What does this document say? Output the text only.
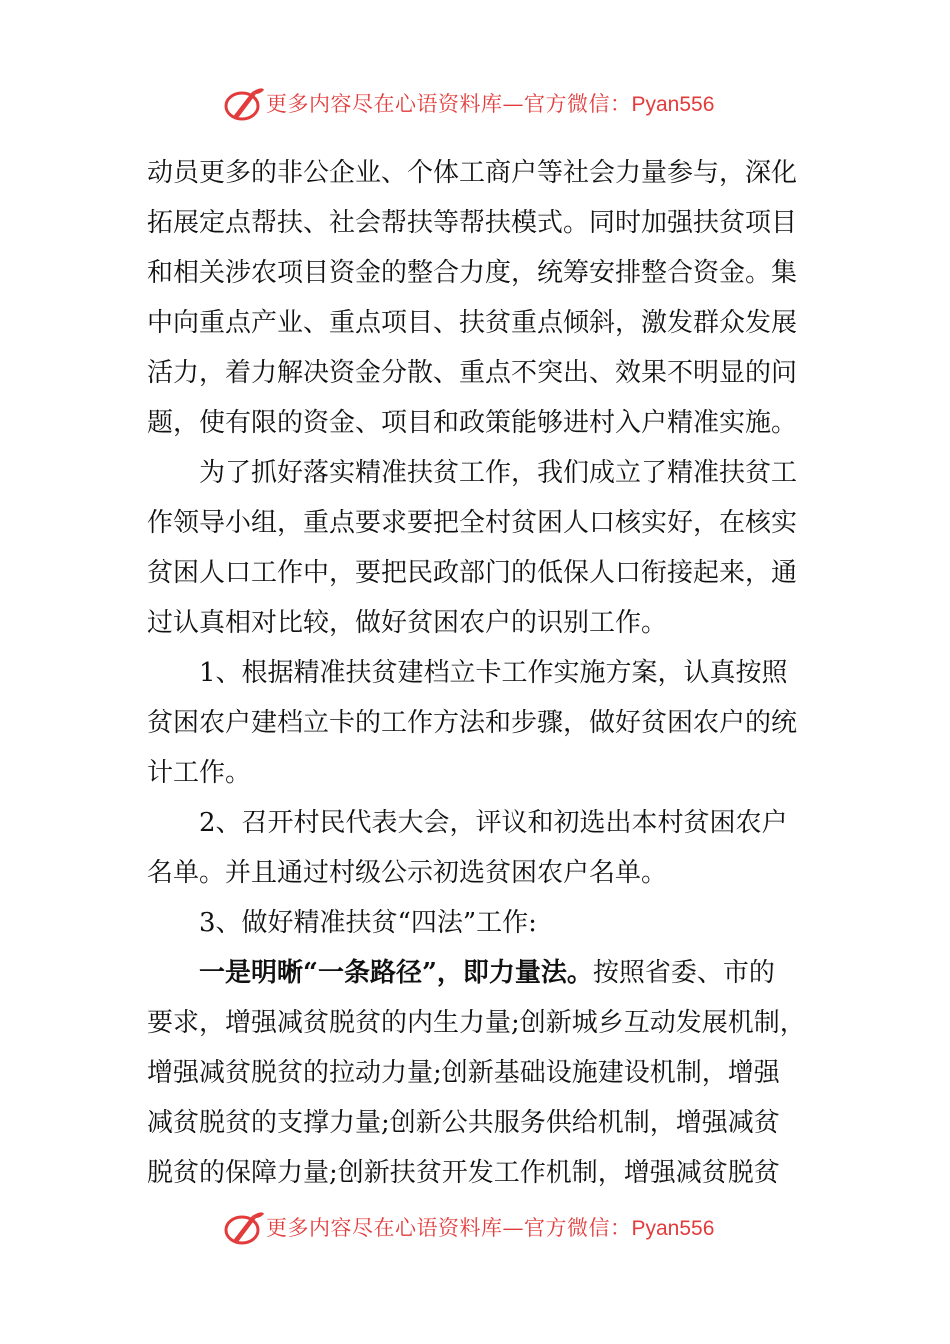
更多内容尽在心语资料库—官方微信：Pyan556
动员更多的非公企业、个体工商户等社会力量参与，深化
拓展定点帮扶、社会帮扶等帮扶模式。同时加强扶贫项目
和相关涉农项目资金的整合力度，统筹安排整合资金。集
中向重点产业、重点项目、扶贫重点倾斜，激发群众发展
活力，着力解决资金分散、重点不突出、效果不明显的问
题，使有限的资金、项目和政策能够进村入户精准实施。
为了抓好落实精准扶贫工作，我们成立了精准扶贫工
作领导小组，重点要求要把全村贫困人口核实好，在核实
贫困人口工作中，要把民政部门的低保人口衔接起来，通
过认真相对比较，做好贫困农户的识别工作。
1、根据精准扶贫建档立卡工作实施方案，认真按照
贫困农户建档立卡的工作方法和步骤，做好贫困农户的统
计工作。
2、召开村民代表大会，评议和初选出本村贫困农户
名单。并且通过村级公示初选贫困农户名单。
3、做好精准扶贫“四法”工作:
一是明晰“一条路径”，即力量法。按照省委、市的
要求，增强减贫脱贫的内生力量;创新城乡互动发展机制，
增强减贫脱贫的拉动力量;创新基础设施建设机制，增强
减贫脱贫的支撑力量;创新公共服务供给机制，增强减贫
脱贫的保障力量;创新扶贫开发工作机制，增强减贫脱贫
更多内容尽在心语资料库—官方微信：Pyan556
